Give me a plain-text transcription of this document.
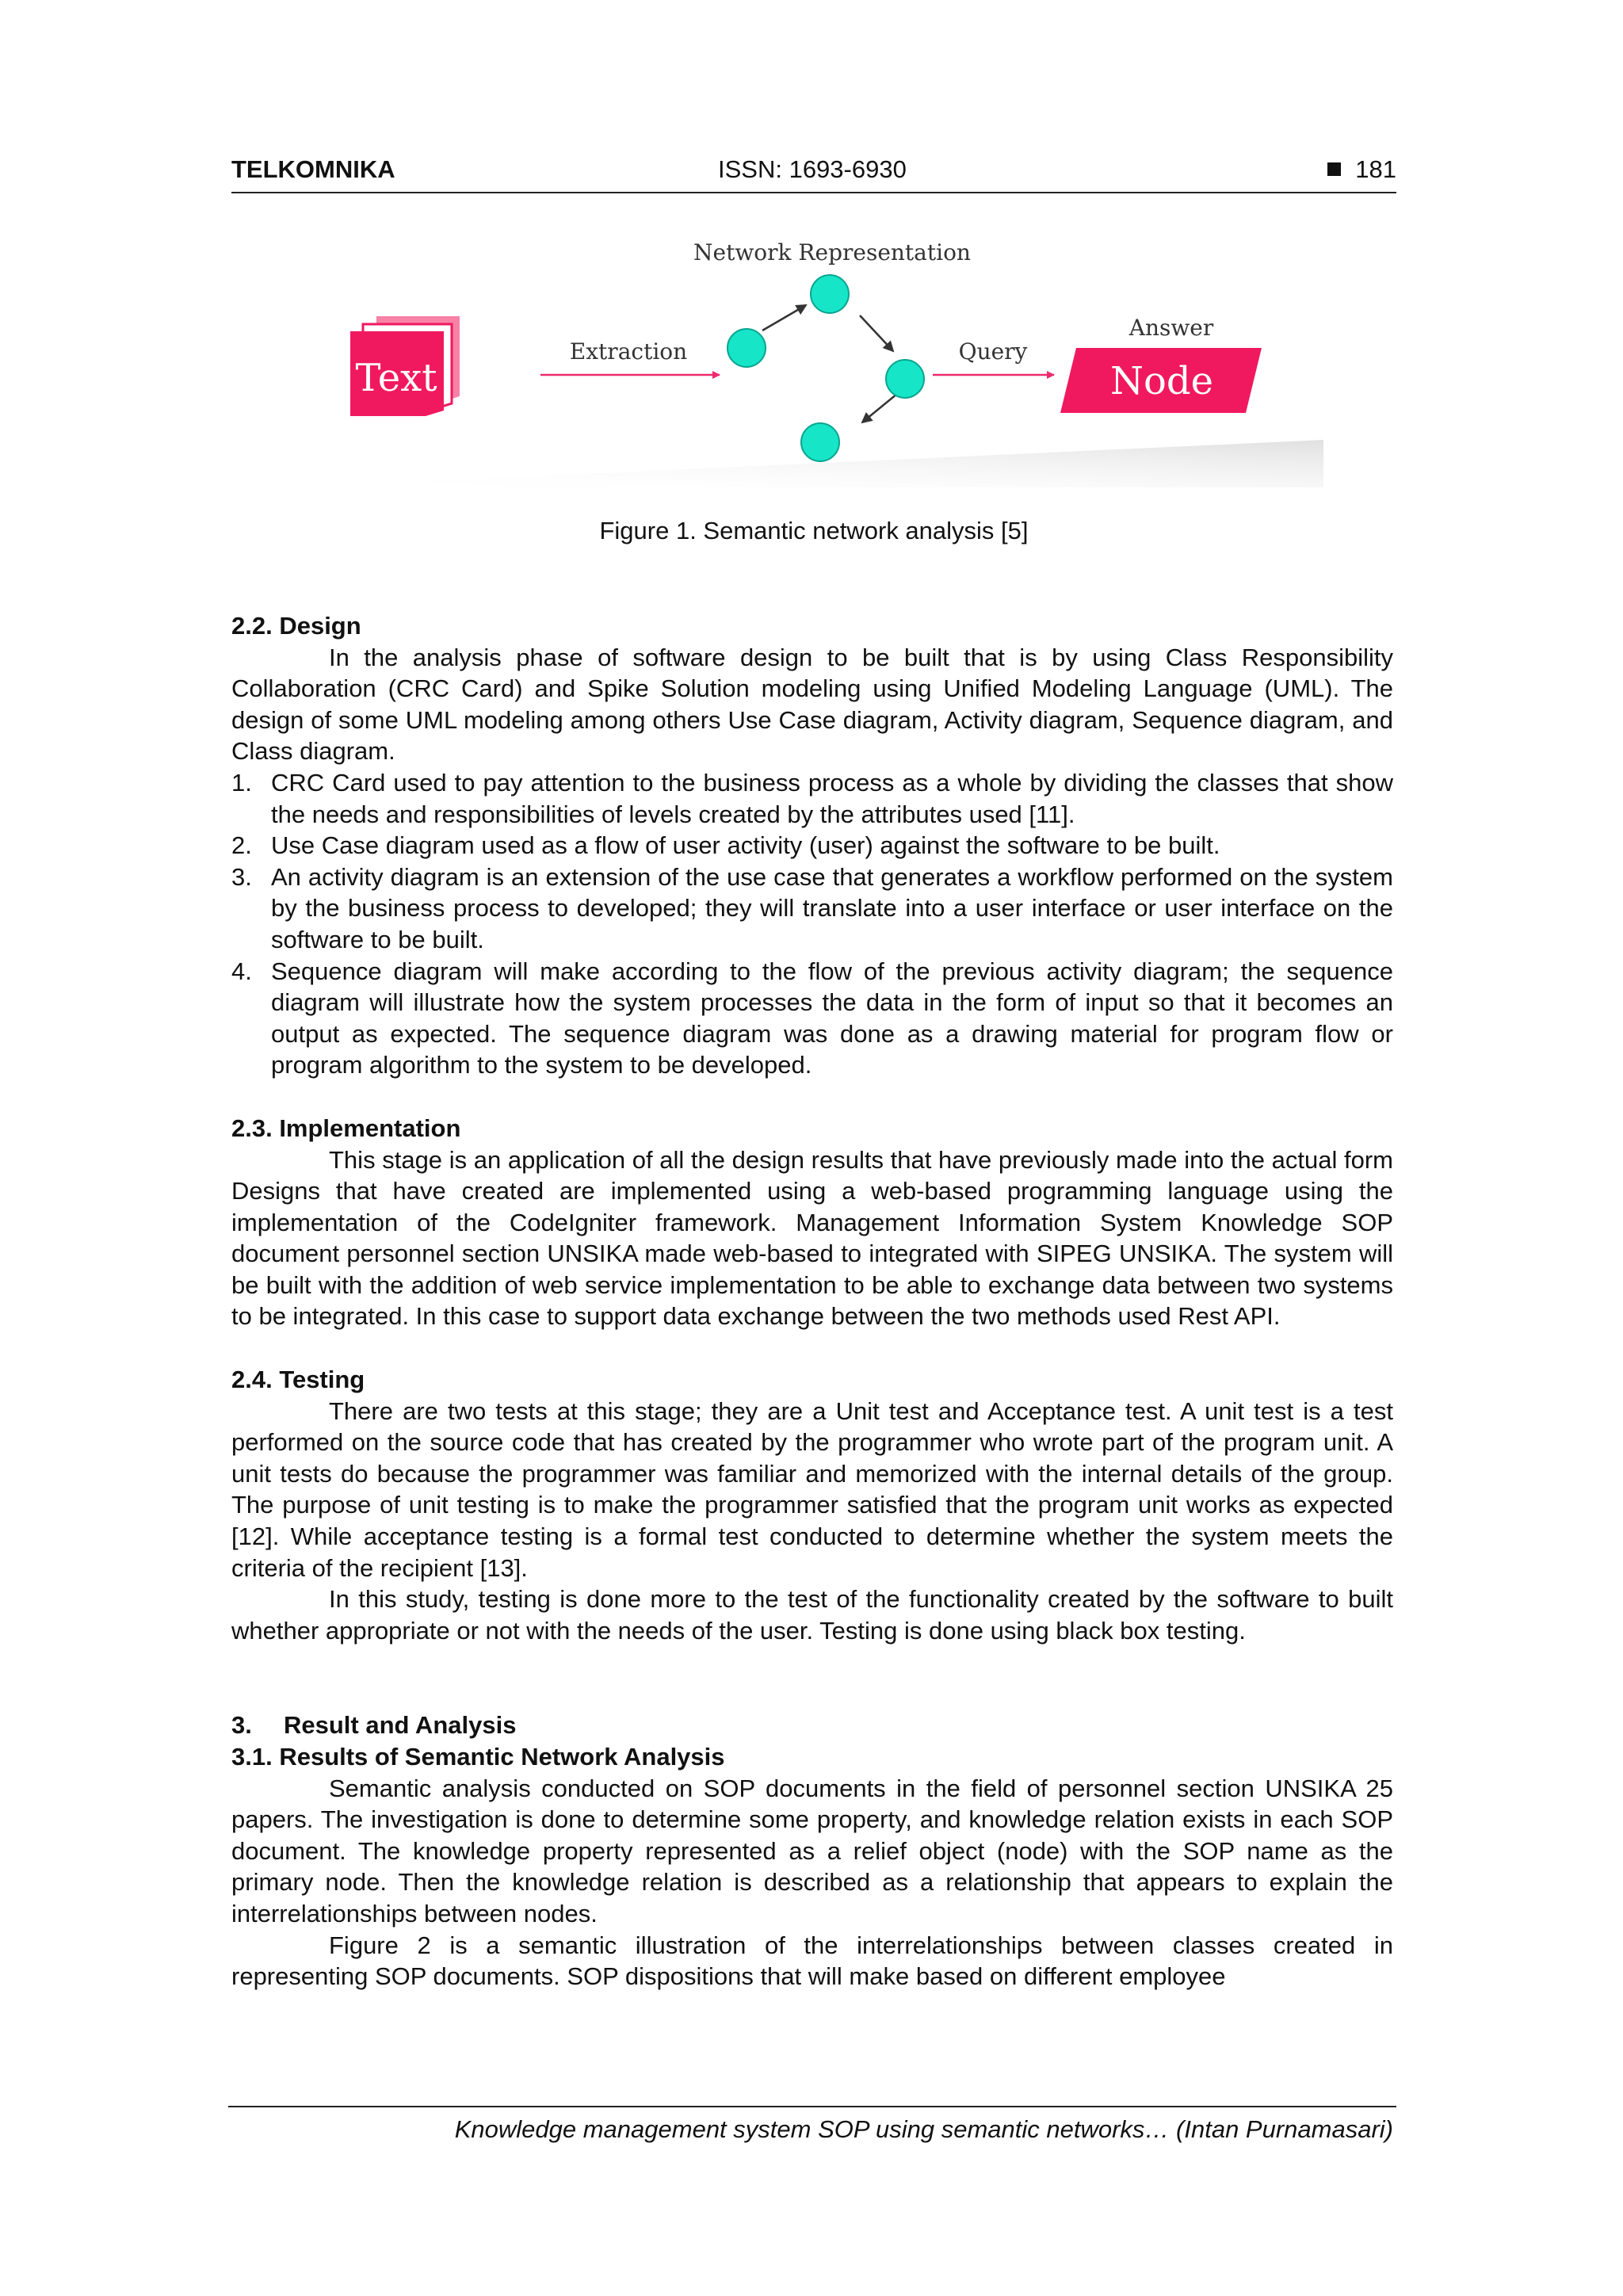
TELKOMNIKA	ISSN: 1693-6930	181
Text
Extraction
Network Representation
Query
Answer
Node
Figure 1. Semantic network analysis [5]
2.2. Design

In the analysis phase of software design to be built that is by using Class Responsibility Collaboration (CRC Card) and Spike Solution modeling using Unified Modeling Language (UML). The design of some UML modeling among others Use Case diagram, Activity diagram, Sequence diagram, and Class diagram.

1. CRC Card used to pay attention to the business process as a whole by dividing the classes that show the needs and responsibilities of levels created by the attributes used [11].
2. Use Case diagram used as a flow of user activity (user) against the software to be built.
3. An activity diagram is an extension of the use case that generates a workflow performed on the system by the business process to developed; they will translate into a user interface or user interface on the software to be built.
4. Sequence diagram will make according to the flow of the previous activity diagram; the sequence diagram will illustrate how the system processes the data in the form of input so that it becomes an output as expected. The sequence diagram was done as a drawing material for program flow or program algorithm to the system to be developed.
2.3. Implementation

This stage is an application of all the design results that have previously made into the actual form Designs that have created are implemented using a web-based programming language using the implementation of the CodeIgniter framework. Management Information System Knowledge SOP document personnel section UNSIKA made web-based to integrated with SIPEG UNSIKA. The system will be built with the addition of web service implementation to be able to exchange data between two systems to be integrated. In this case to support data exchange between the two methods used Rest API.

2.4. Testing

There are two tests at this stage; they are a Unit test and Acceptance test. A unit test is a test performed on the source code that has created by the programmer who wrote part of the program unit. A unit tests do because the programmer was familiar and memorized with the internal details of the group. The purpose of unit testing is to make the programmer satisfied that the program unit works as expected [12]. While acceptance testing is a formal test conducted to determine whether the system meets the criteria of the recipient [13].

In this study, testing is done more to the test of the functionality created by the software to built whether appropriate or not with the needs of the user. Testing is done using black box testing.

3. Result and Analysis
3.1. Results of Semantic Network Analysis

Semantic analysis conducted on SOP documents in the field of personnel section UNSIKA 25 papers. The investigation is done to determine some property, and knowledge relation exists in each SOP document. The knowledge property represented as a relief object (node) with the SOP name as the primary node. Then the knowledge relation is described as a relationship that appears to explain the interrelationships between nodes.

Figure 2 is a semantic illustration of the interrelationships between classes created in representing SOP documents. SOP dispositions that will make based on different employee

Knowledge management system SOP using semantic networks… (Intan Purnamasari)
